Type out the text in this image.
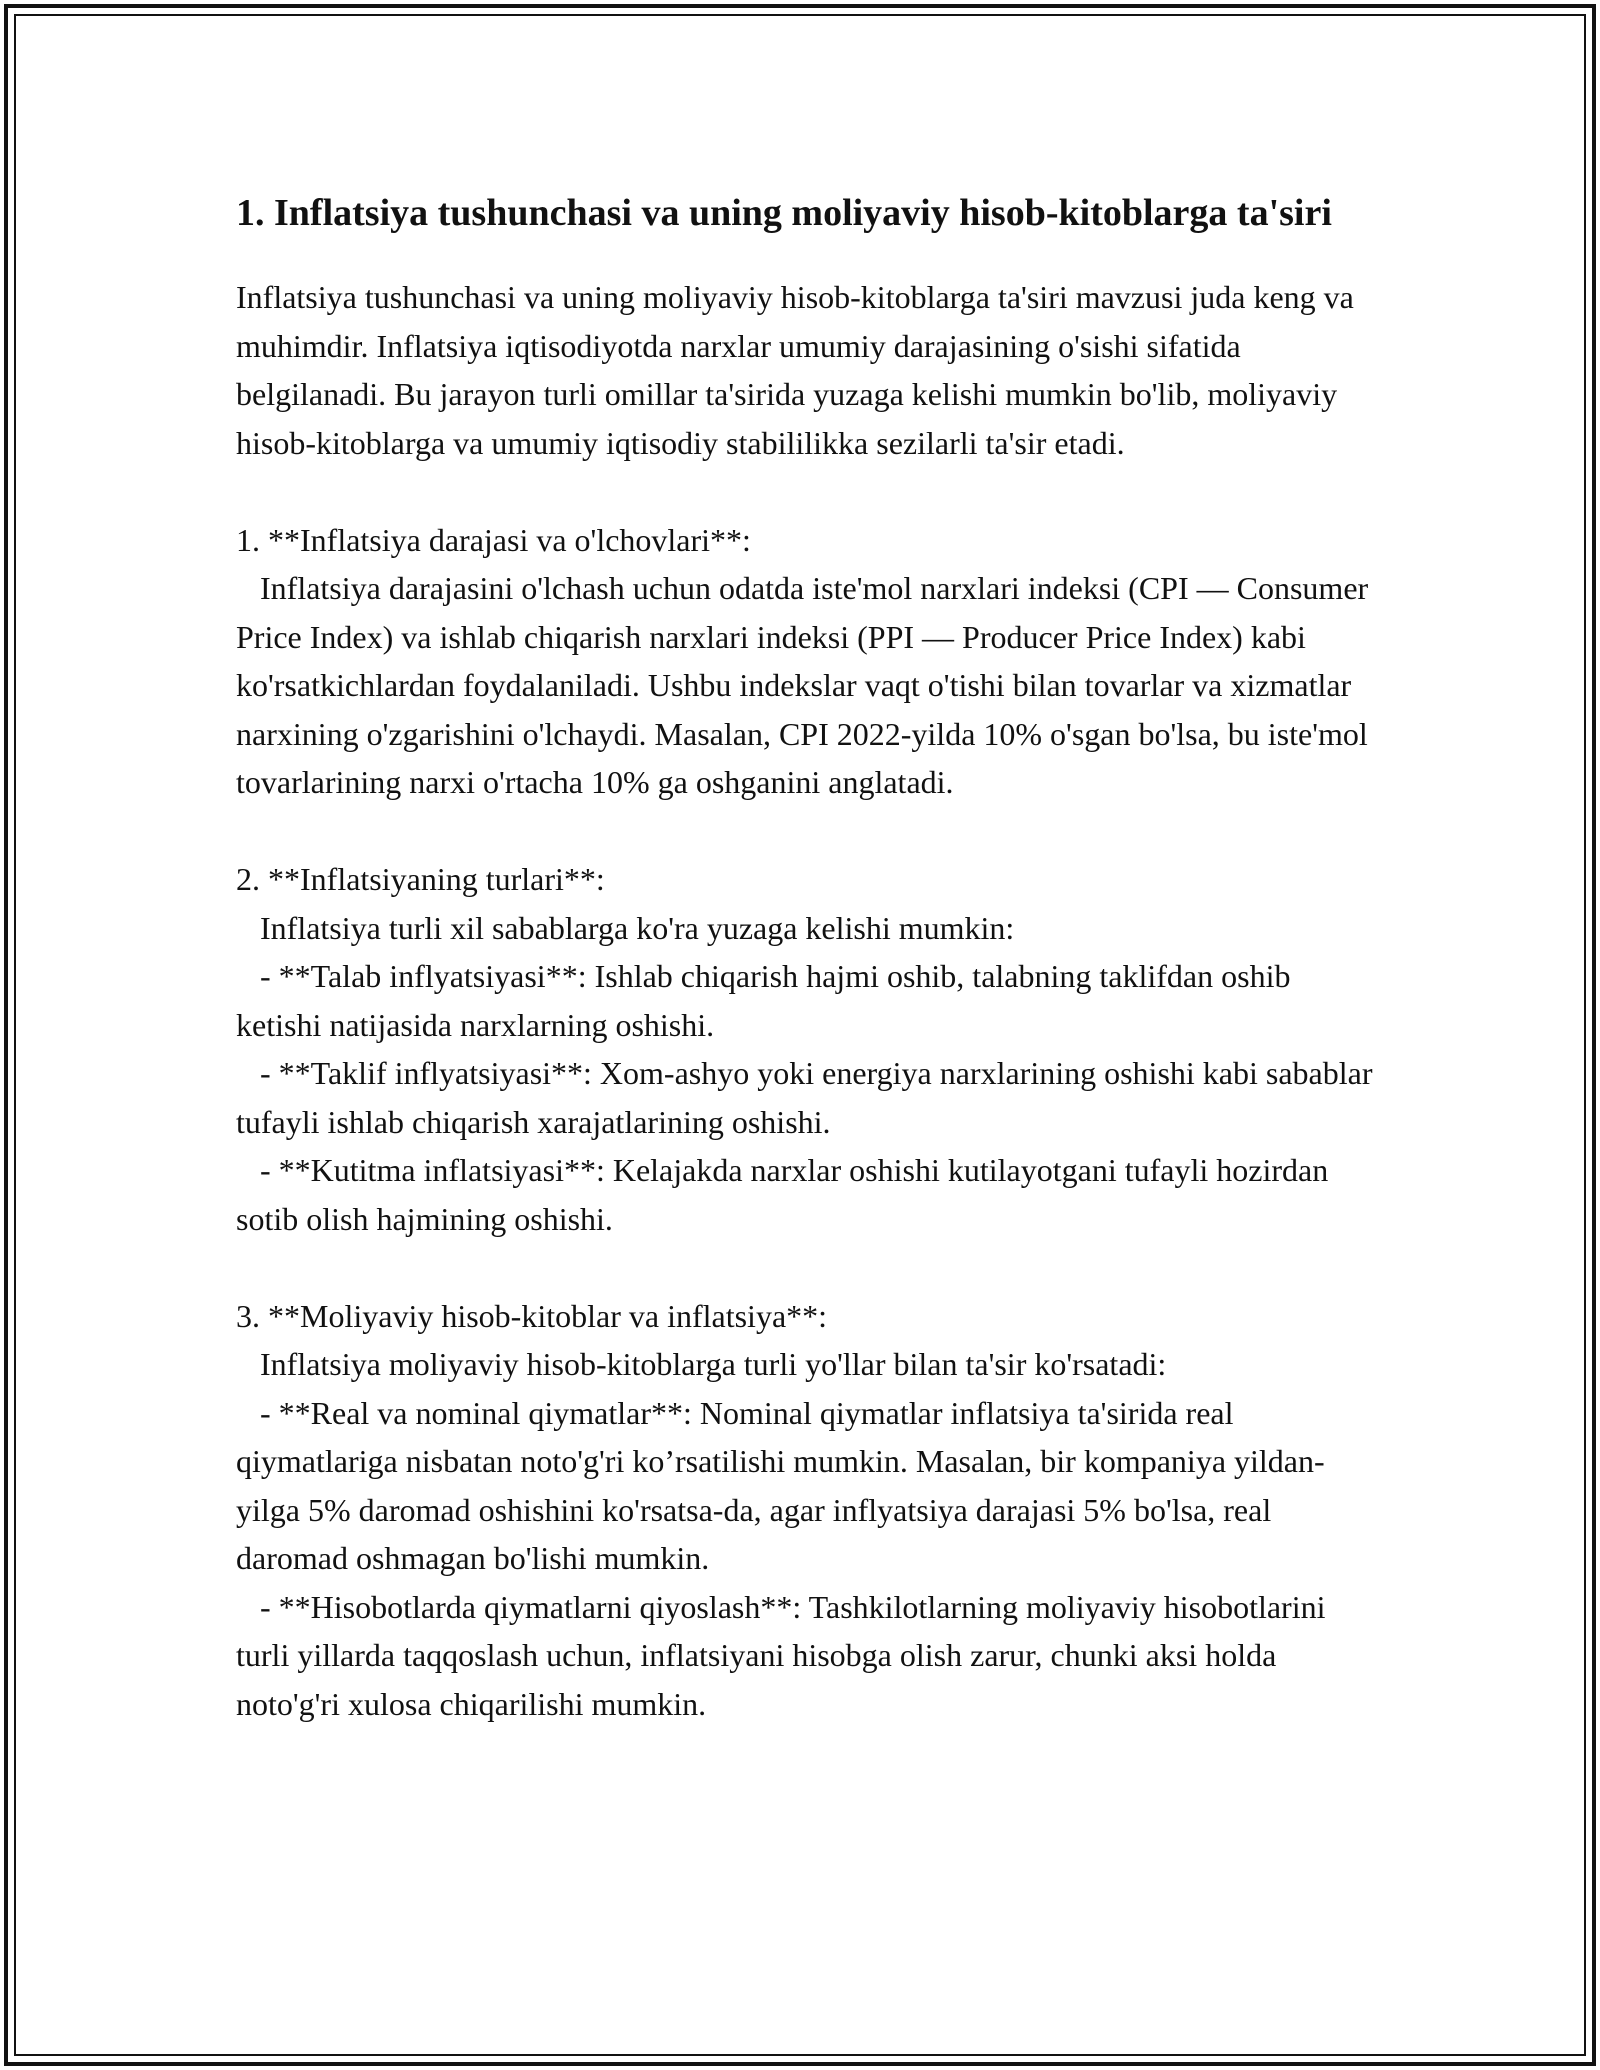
1. Inflatsiya tushunchasi va uning moliyaviy hisob-kitoblarga ta'siri

Inflatsiya tushunchasi va uning moliyaviy hisob-kitoblarga ta'siri mavzusi juda keng va muhimdir. Inflatsiya iqtisodiyotda narxlar umumiy darajasining o'sishi sifatida belgilanadi. Bu jarayon turli omillar ta'sirida yuzaga kelishi mumkin bo'lib, moliyaviy hisob-kitoblarga va umumiy iqtisodiy stabililikka sezilarli ta'sir etadi.

1. **Inflatsiya darajasi va o'lchovlari**:

Inflatsiya darajasini o'lchash uchun odatda iste'mol narxlari indeksi (CPI — Consumer Price Index) va ishlab chiqarish narxlari indeksi (PPI — Producer Price Index) kabi ko'rsatkichlardan foydalaniladi. Ushbu indekslar vaqt o'tishi bilan tovarlar va xizmatlar narxining o'zgarishini o'lchaydi. Masalan, CPI 2022-yilda 10% o'sgan bo'lsa, bu iste'mol tovarlarining narxi o'rtacha 10% ga oshganini anglatadi.

2. **Inflatsiyaning turlari**:

Inflatsiya turli xil sabablarga ko'ra yuzaga kelishi mumkin:

- **Talab inflyatsiyasi**: Ishlab chiqarish hajmi oshib, talabning taklifdan oshib ketishi natijasida narxlarning oshishi.

- **Taklif inflyatsiyasi**: Xom-ashyo yoki energiya narxlarining oshishi kabi sabablar tufayli ishlab chiqarish xarajatlarining oshishi.

- **Kutitma inflatsiyasi**: Kelajakda narxlar oshishi kutilayotgani tufayli hozirdan sotib olish hajmining oshishi.

3. **Moliyaviy hisob-kitoblar va inflatsiya**:

Inflatsiya moliyaviy hisob-kitoblarga turli yo'llar bilan ta'sir ko'rsatadi:

- **Real va nominal qiymatlar**: Nominal qiymatlar inflatsiya ta'sirida real qiymatlariga nisbatan noto'g'ri ko’rsatilishi mumkin. Masalan, bir kompaniya yildan-yilga 5% daromad oshishini ko'rsatsa-da, agar inflyatsiya darajasi 5% bo'lsa, real daromad oshmagan bo'lishi mumkin.

- **Hisobotlarda qiymatlarni qiyoslash**: Tashkilotlarning moliyaviy hisobotlarini turli yillarda taqqoslash uchun, inflatsiyani hisobga olish zarur, chunki aksi holda noto'g'ri xulosa chiqarilishi mumkin.
